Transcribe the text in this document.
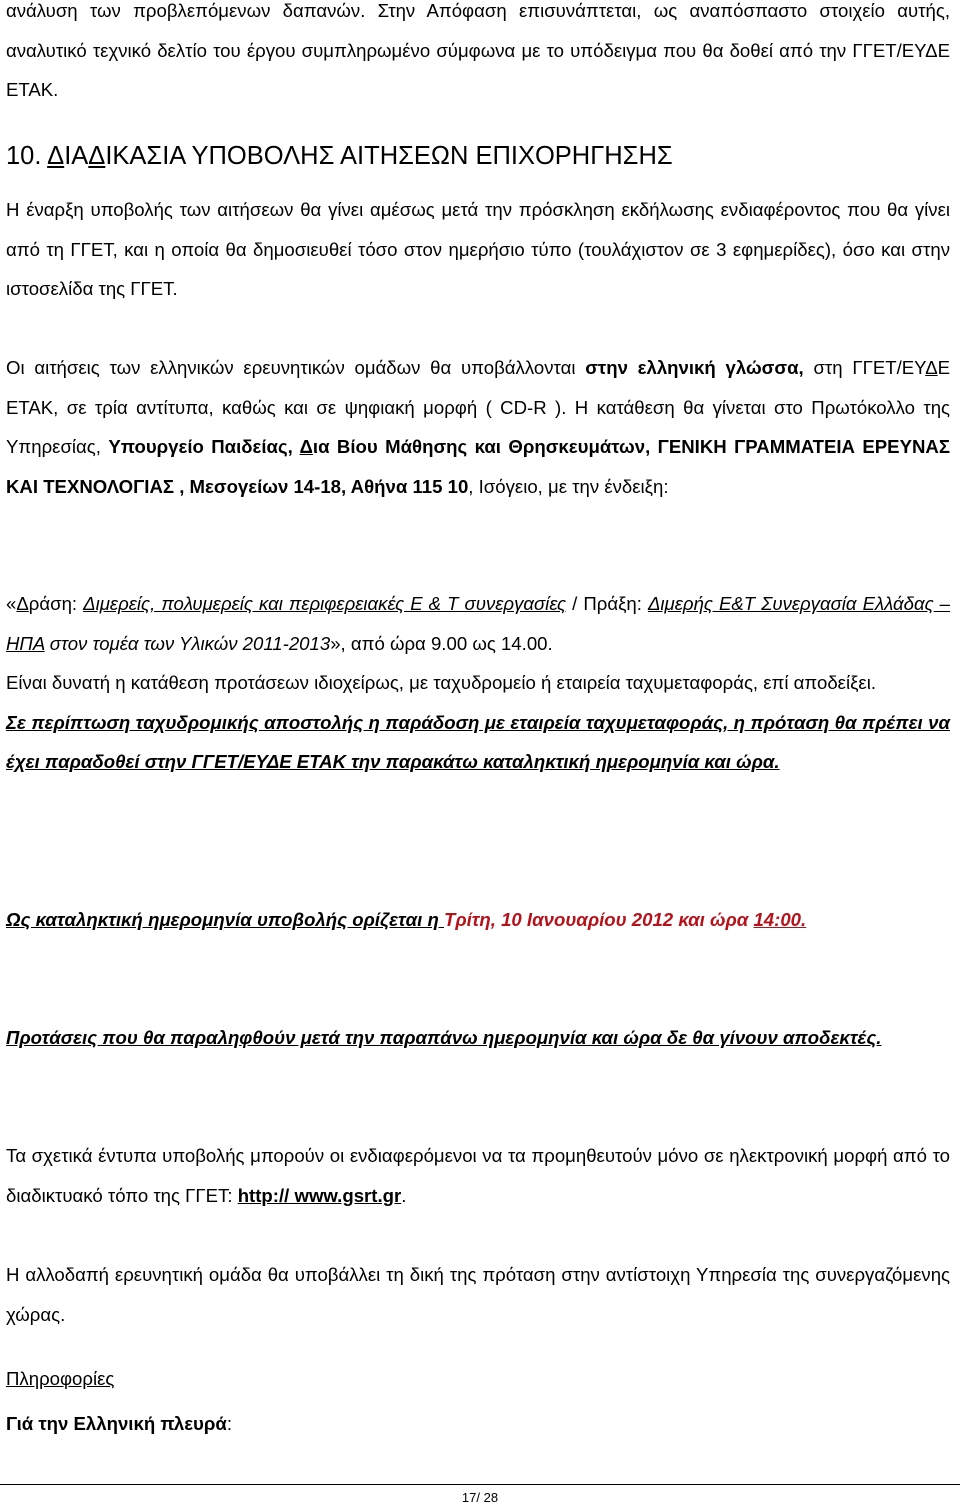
ανάλυση των προβλεπόμενων δαπανών. Στην Απόφαση επισυνάπτεται, ως αναπόσπαστο στοιχείο αυτής, αναλυτικό τεχνικό δελτίο του έργου συμπληρωμένο σύμφωνα με το υπόδειγμα που θα δοθεί από την ΓΓΕΤ/ΕΥΔΕ ΕΤΑΚ.

10. ΔΙΑΔΙΚΑΣΙΑ ΥΠΟΒΟΛΗΣ ΑΙΤΗΣΕΩΝ ΕΠΙΧΟΡΗΓΗΣΗΣ

Η έναρξη υποβολής των αιτήσεων θα γίνει αμέσως μετά την πρόσκληση εκδήλωσης ενδιαφέροντος που θα γίνει από τη ΓΓΕΤ, και η οποία θα δημοσιευθεί τόσο στον ημερήσιο τύπο (τουλάχιστον σε 3 εφημερίδες), όσο και στην ιστοσελίδα της ΓΓΕΤ.

Οι αιτήσεις των ελληνικών ερευνητικών ομάδων θα υποβάλλονται στην ελληνική γλώσσα, στη ΓΓΕΤ/ΕΥΔΕ ΕΤΑΚ, σε τρία αντίτυπα, καθώς και σε ψηφιακή μορφή ( CD-R ). Η κατάθεση θα γίνεται στο Πρωτόκολλο της Υπηρεσίας, Υπουργείο Παιδείας, Δια Βίου Μάθησης και Θρησκευμάτων, ΓΕΝΙΚΗ ΓΡΑΜΜΑΤΕΙΑ ΕΡΕΥΝΑΣ ΚΑΙ ΤΕΧΝΟΛΟΓΙΑΣ , Μεσογείων 14-18, Αθήνα 115 10, Ισόγειο, με την ένδειξη:

«Δράση: Διμερείς, πολυμερείς και περιφερειακές Ε & Τ συνεργασίες / Πράξη: Διμερής Ε&Τ Συνεργασία Ελλάδας – ΗΠΑ στον τομέα των Υλικών 2011-2013», από ώρα 9.00 ως 14.00.
Είναι δυνατή η κατάθεση προτάσεων ιδιοχείρως, με ταχυδρομείο ή εταιρεία ταχυμεταφοράς, επί αποδείξει.
Σε περίπτωση ταχυδρομικής αποστολής η παράδοση με εταιρεία ταχυμεταφοράς, η πρόταση θα πρέπει να έχει παραδοθεί στην ΓΓΕΤ/ΕΥΔΕ ΕΤΑΚ την παρακάτω καταληκτική ημερομηνία και ώρα.

Ως καταληκτική ημερομηνία υποβολής ορίζεται η Τρίτη, 10 Ιανουαρίου 2012 και ώρα 14:00.

Προτάσεις που θα παραληφθούν μετά την παραπάνω ημερομηνία και ώρα δε θα γίνουν αποδεκτές.

Τα σχετικά έντυπα υποβολής μπορούν οι ενδιαφερόμενοι να τα προμηθευτούν μόνο σε ηλεκτρονική μορφή από το διαδικτυακό τόπο της ΓΓΕΤ: http:// www.gsrt.gr.

Η αλλοδαπή ερευνητική ομάδα θα υποβάλλει τη δική της πρόταση στην αντίστοιχη Υπηρεσία της συνεργαζόμενης χώρας.

Πληροφορίες

Γιά την Ελληνική πλευρά:

17/ 28
